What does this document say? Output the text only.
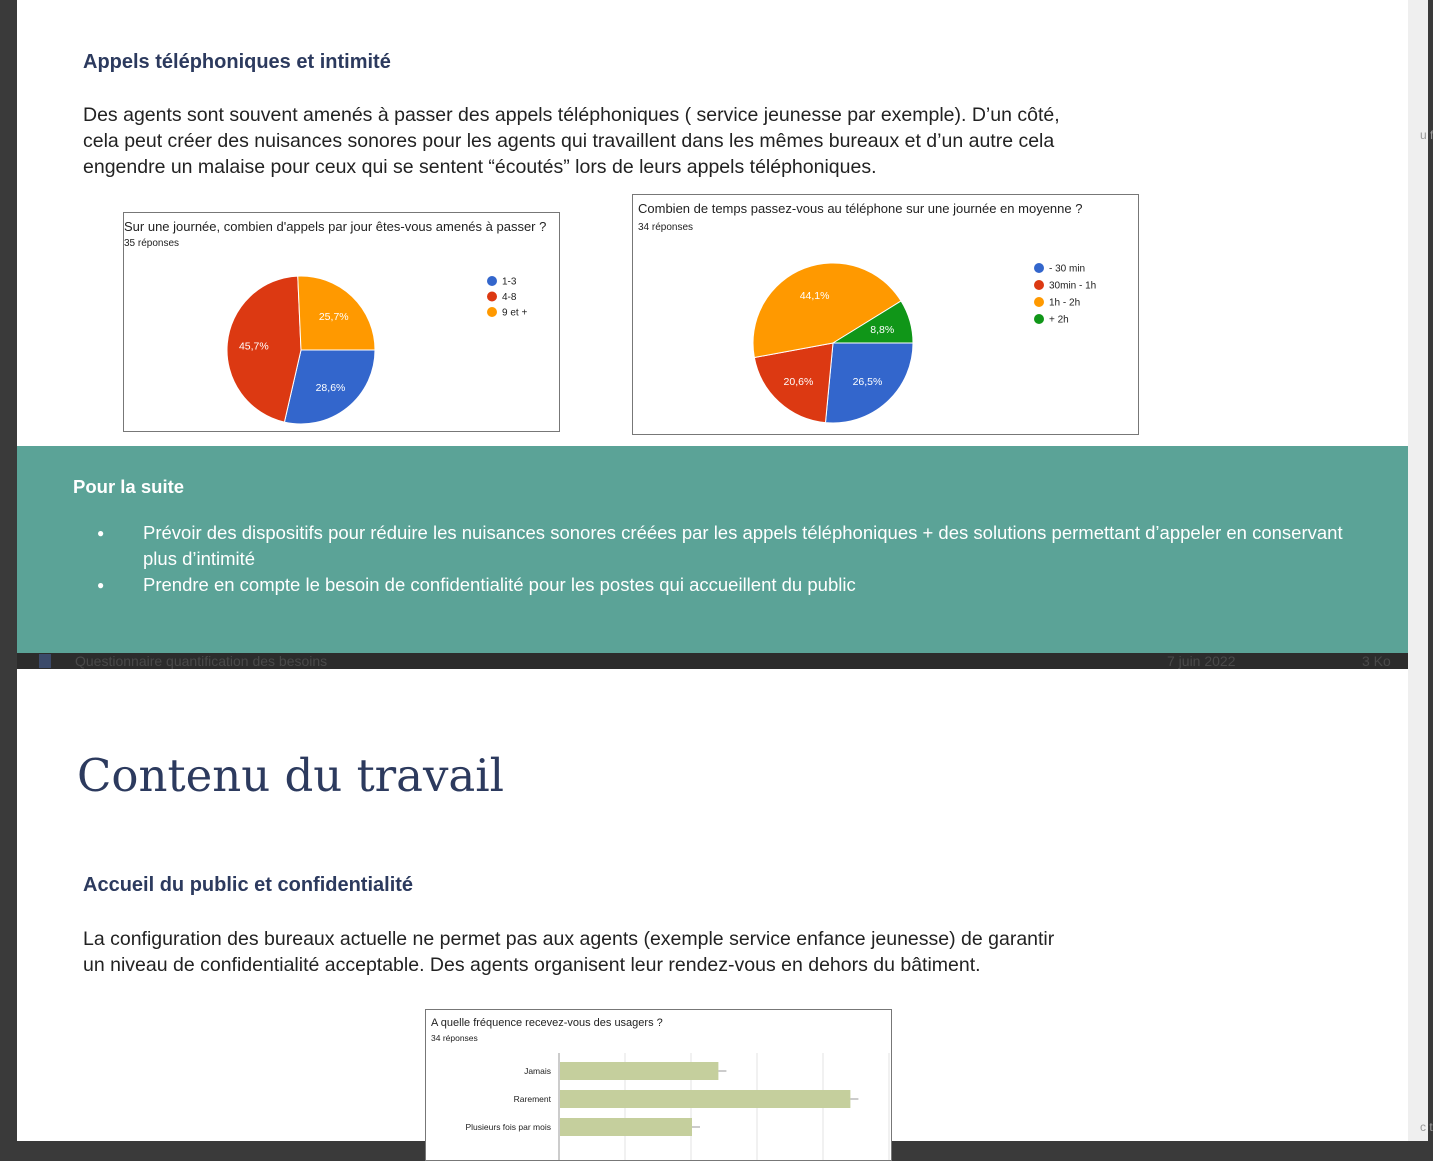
u f
c t
Questionnaire quantification des besoins	7 juin 2022	3 Ko
Appels téléphoniques et intimité
Des agents sont souvent amenés à passer des appels téléphoniques ( service jeunesse par exemple). D’un côté,
cela peut créer des nuisances sonores pour les agents qui travaillent dans les mêmes bureaux et d’un autre cela
engendre un malaise pour ceux qui se sentent “écoutés” lors de leurs appels téléphoniques.
Sur une journée, combien d'appels par jour êtes-vous amenés à passer ?
35 réponses
28,6%
45,7%
25,7%
1-3
4-8
9 et +
Combien de temps passez-vous au téléphone sur une journée en moyenne ?
34 réponses
26,5%
20,6%
44,1%
8,8%
- 30 min
30min - 1h
1h - 2h
+ 2h
Pour la suite
● Prévoir des dispositifs pour réduire les nuisances sonores créées par les appels téléphoniques + des solutions permettant d’appeler en conservant plus d’intimité
● Prendre en compte le besoin de confidentialité pour les postes qui accueillent du public
Contenu du travail
Accueil du public et confidentialité
La configuration des bureaux actuelle ne permet pas aux agents (exemple service enfance jeunesse) de garantir
un niveau de confidentialité acceptable. Des agents organisent leur rendez-vous en dehors du bâtiment.
A quelle fréquence recevez-vous des usagers ?
34 réponses
Jamais
Rarement
Plusieurs fois par mois
